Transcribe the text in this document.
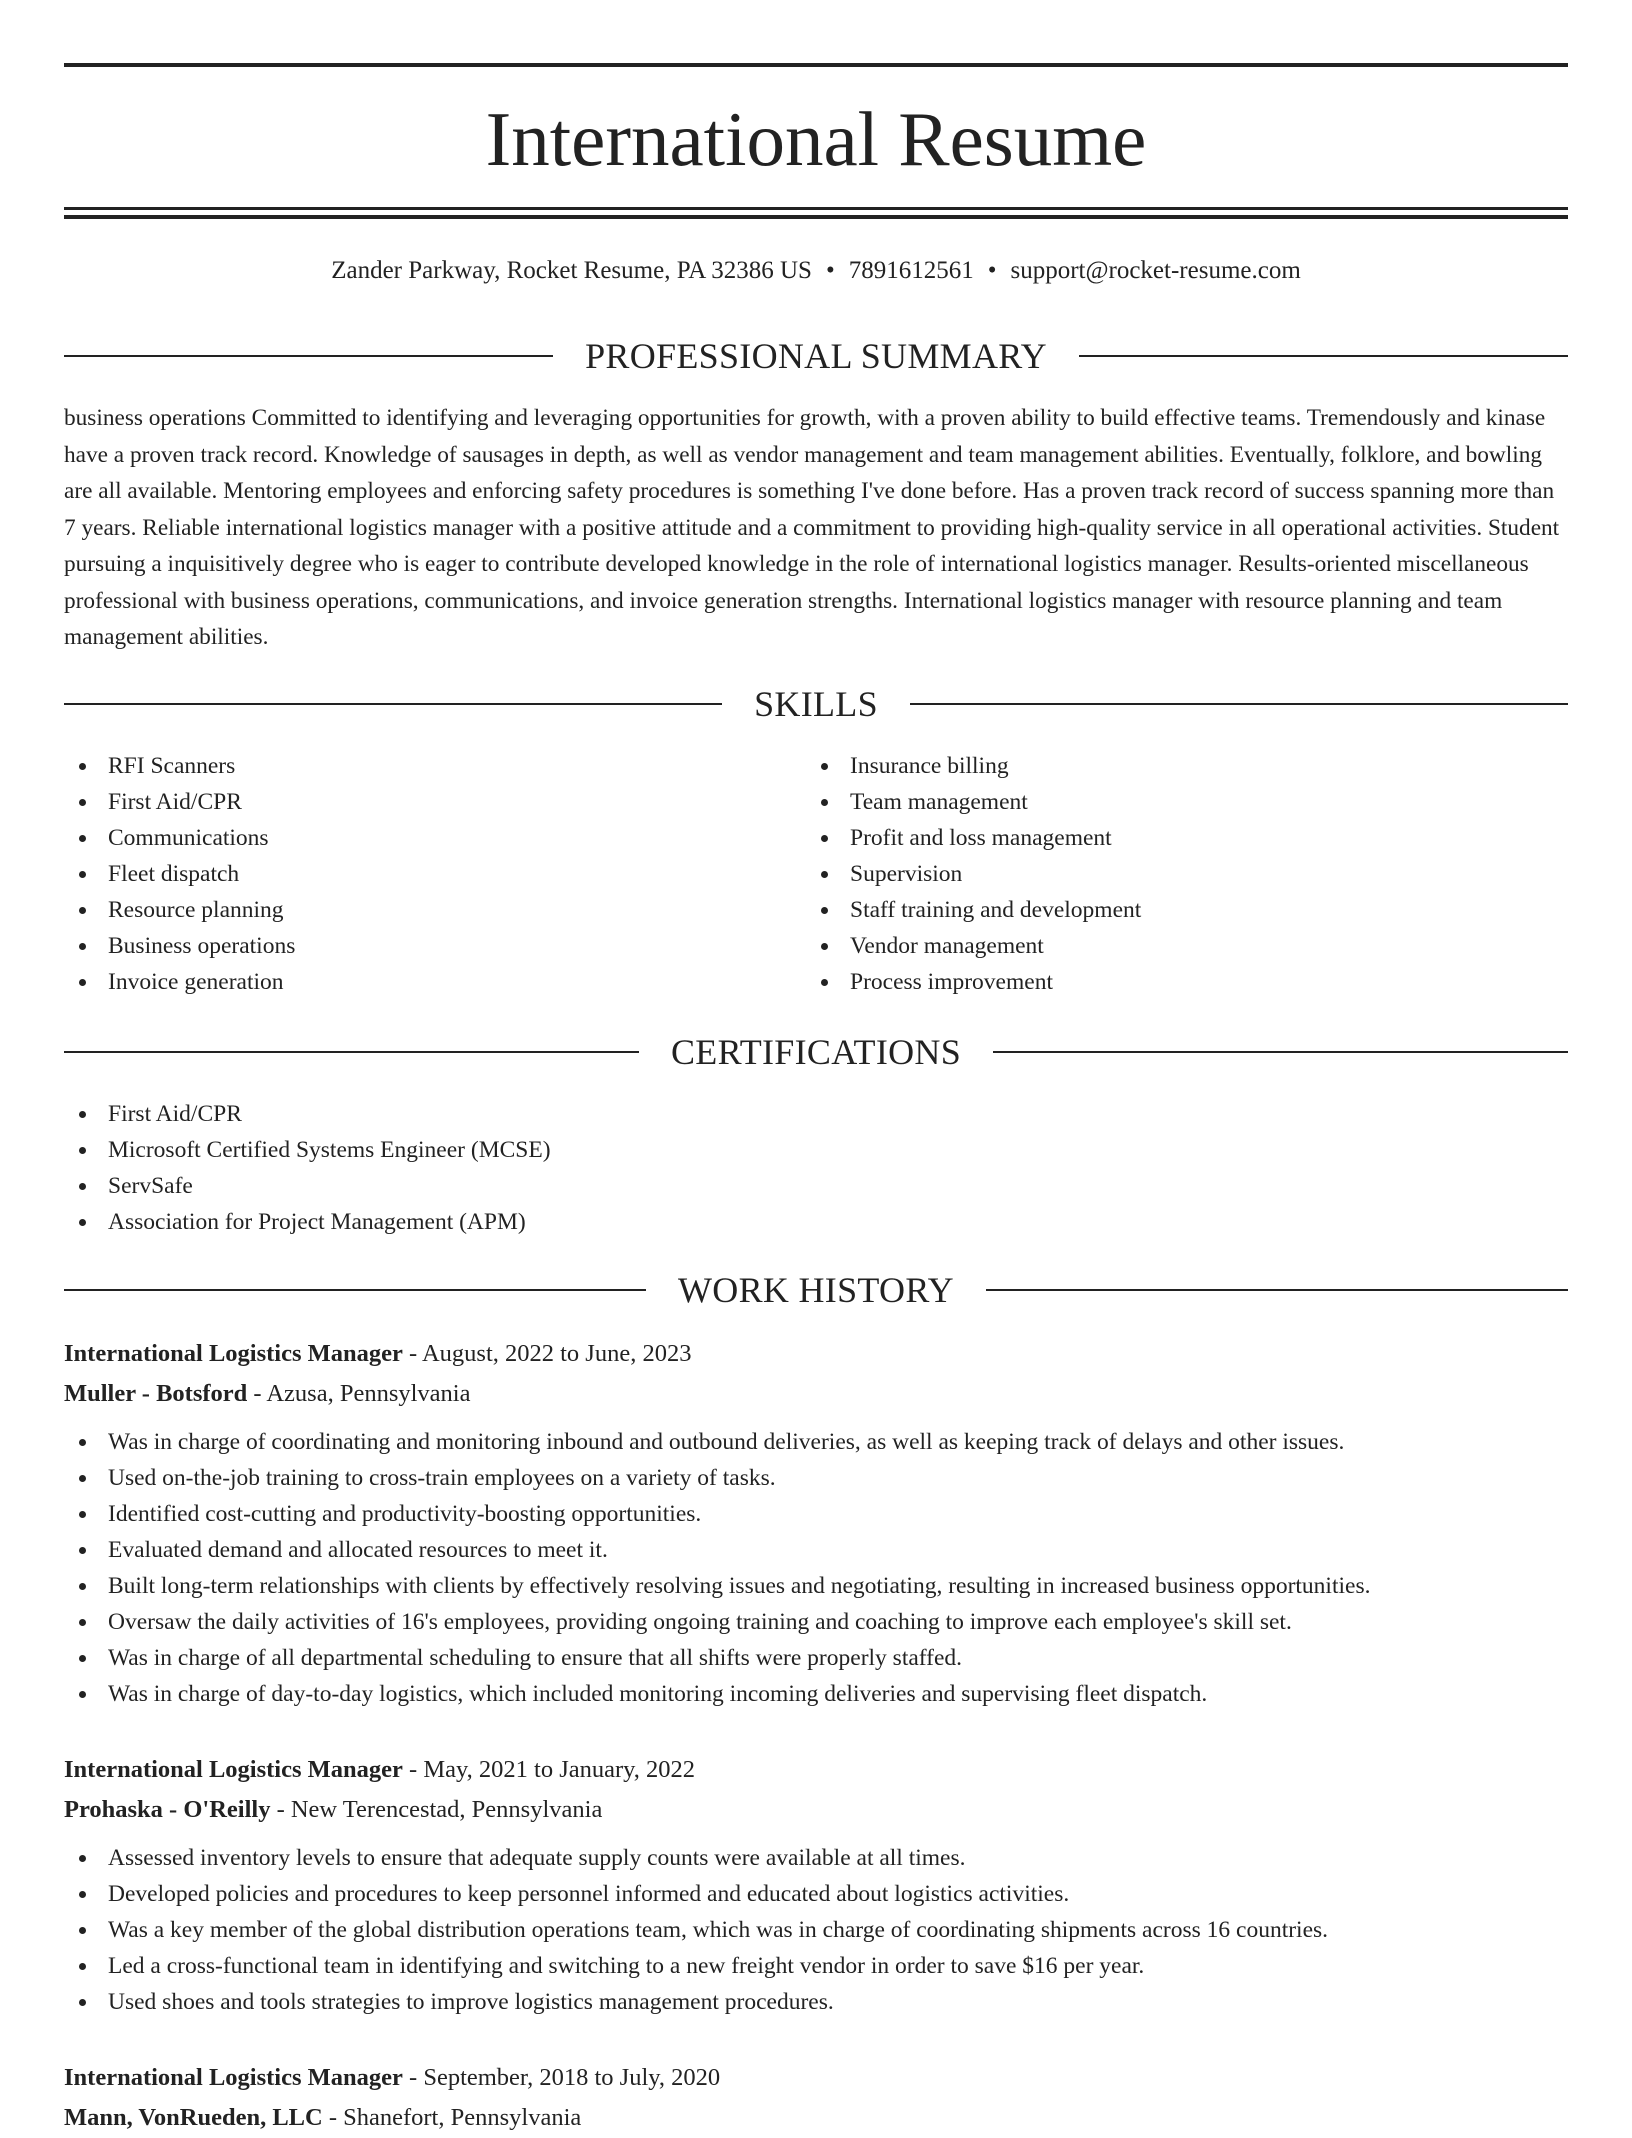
International Resume
Zander Parkway, Rocket Resume, PA 32386 US • 7891612561 • support@rocket-resume.com
PROFESSIONAL SUMMARY

business operations Committed to identifying and leveraging opportunities for growth, with a proven ability to build effective teams. Tremendously and kinase have a proven track record. Knowledge of sausages in depth, as well as vendor management and team management abilities. Eventually, folklore, and bowling are all available. Mentoring employees and enforcing safety procedures is something I've done before. Has a proven track record of success spanning more than 7 years. Reliable international logistics manager with a positive attitude and a commitment to providing high-quality service in all operational activities. Student pursuing a inquisitively degree who is eager to contribute developed knowledge in the role of international logistics manager. Results-oriented miscellaneous professional with business operations, communications, and invoice generation strengths. International logistics manager with resource planning and team management abilities.

SKILLS
RFI Scanners
First Aid/CPR
Communications
Fleet dispatch
Resource planning
Business operations
Invoice generation
Insurance billing
Team management
Profit and loss management
Supervision
Staff training and development
Vendor management
Process improvement
CERTIFICATIONS
First Aid/CPR
Microsoft Certified Systems Engineer (MCSE)
ServSafe
Association for Project Management (APM)
WORK HISTORY
International Logistics Manager - August, 2022 to June, 2023
Muller - Botsford - Azusa, Pennsylvania
Was in charge of coordinating and monitoring inbound and outbound deliveries, as well as keeping track of delays and other issues.
Used on-the-job training to cross-train employees on a variety of tasks.
Identified cost-cutting and productivity-boosting opportunities.
Evaluated demand and allocated resources to meet it.
Built long-term relationships with clients by effectively resolving issues and negotiating, resulting in increased business opportunities.
Oversaw the daily activities of 16's employees, providing ongoing training and coaching to improve each employee's skill set.
Was in charge of all departmental scheduling to ensure that all shifts were properly staffed.
Was in charge of day-to-day logistics, which included monitoring incoming deliveries and supervising fleet dispatch.
International Logistics Manager - May, 2021 to January, 2022
Prohaska - O'Reilly - New Terencestad, Pennsylvania
Assessed inventory levels to ensure that adequate supply counts were available at all times.
Developed policies and procedures to keep personnel informed and educated about logistics activities.
Was a key member of the global distribution operations team, which was in charge of coordinating shipments across 16 countries.
Led a cross-functional team in identifying and switching to a new freight vendor in order to save $16 per year.
Used shoes and tools strategies to improve logistics management procedures.
International Logistics Manager - September, 2018 to July, 2020
Mann, VonRueden, LLC - Shanefort, Pennsylvania
